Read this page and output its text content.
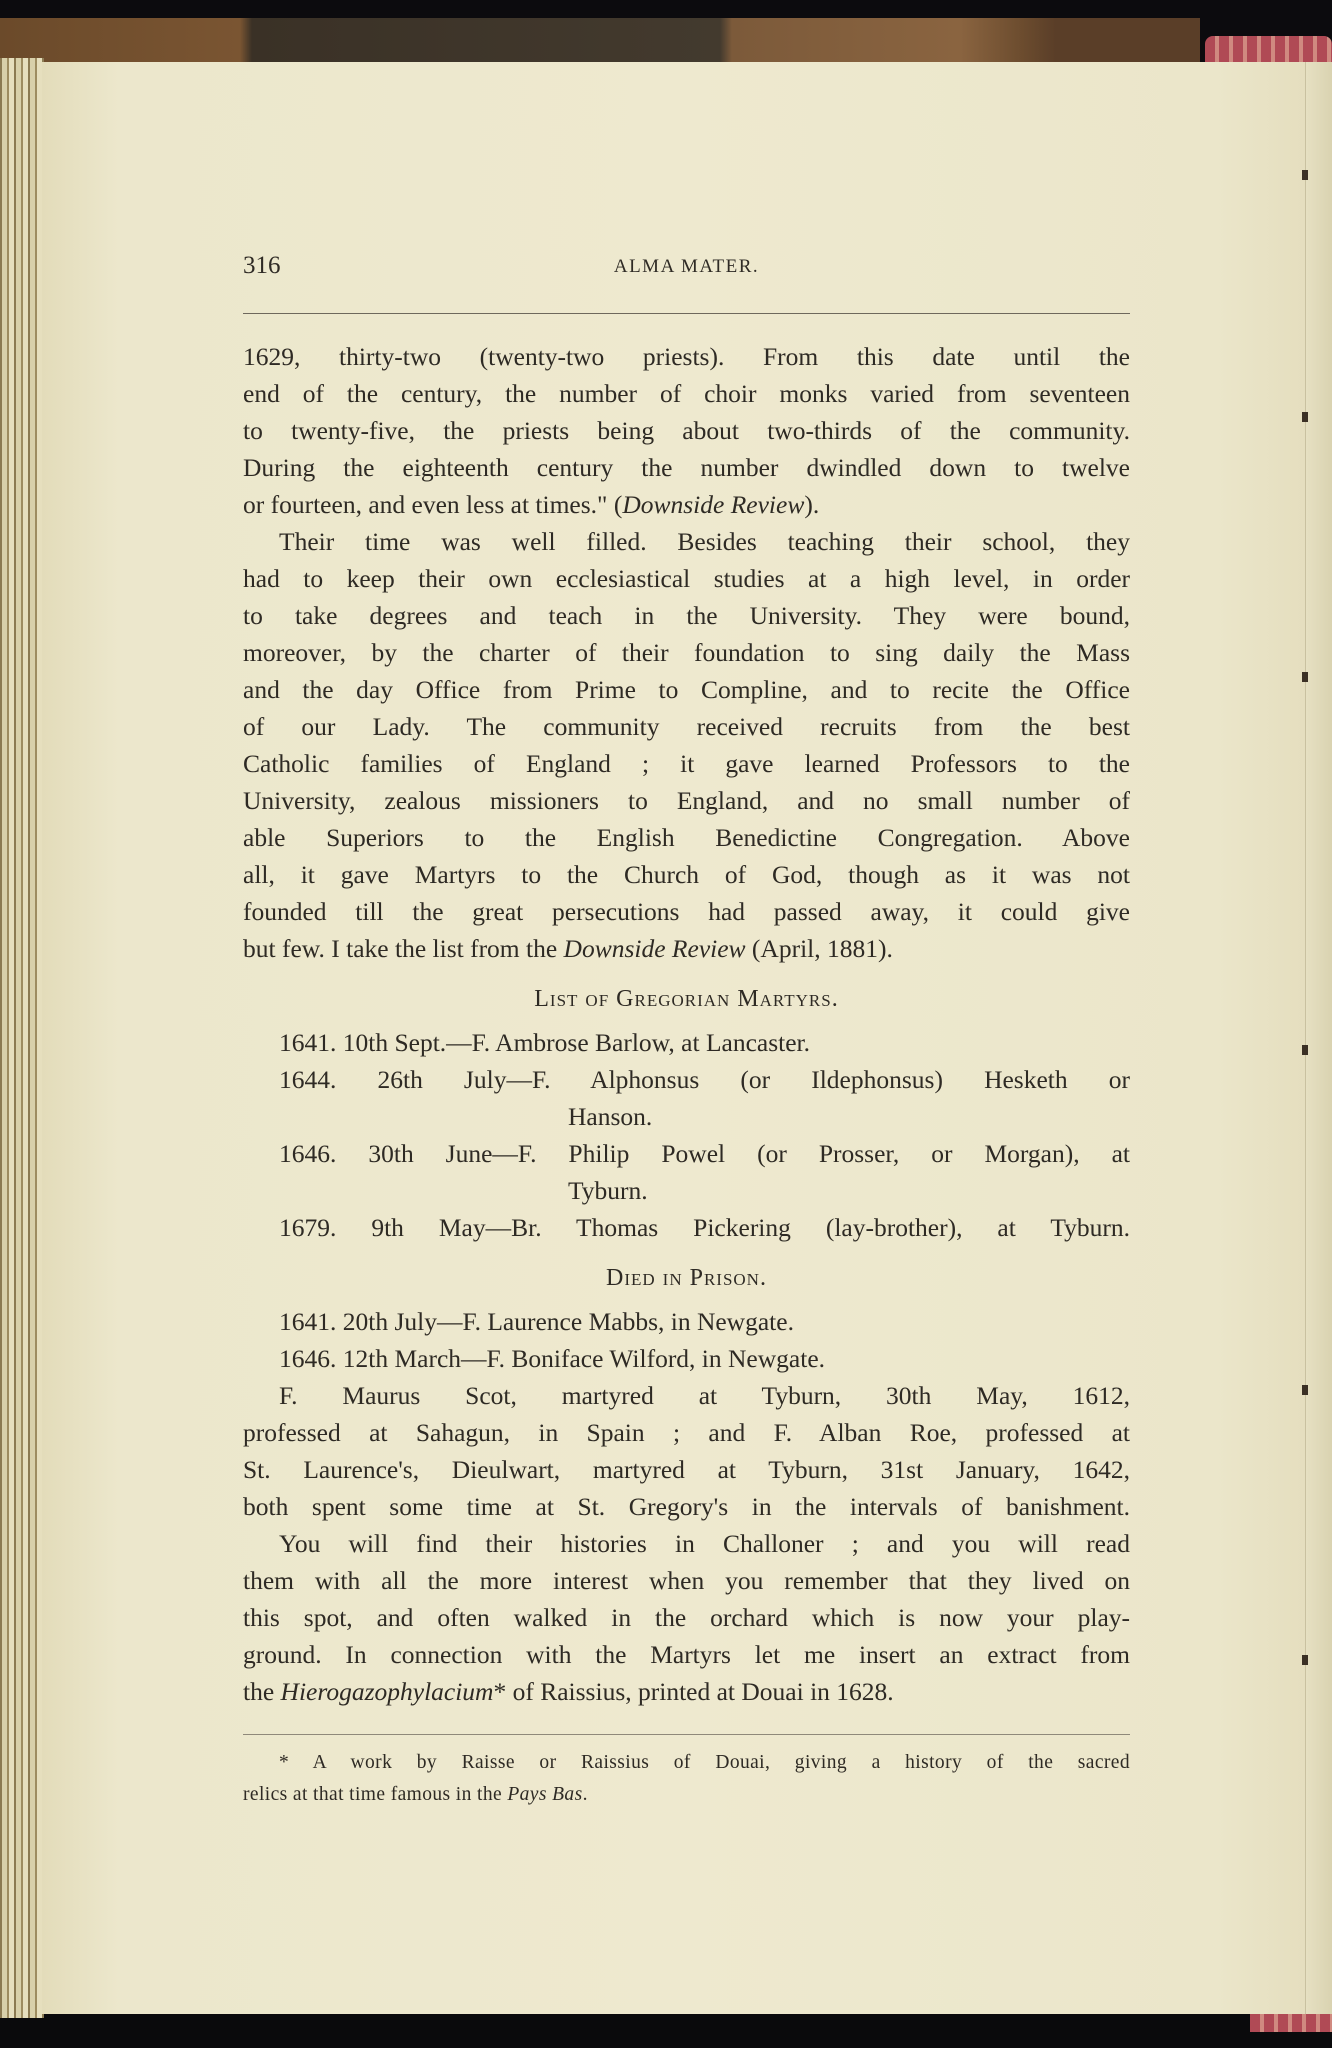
316	ALMA MATER.
1629, thirty-two (twenty-two priests). From this date until the
end of the century, the number of choir monks varied from seventeen
to twenty-five, the priests being about two-thirds of the community.
During the eighteenth century the number dwindled down to twelve
or fourteen, and even less at times." (Downside Review).
Their time was well filled. Besides teaching their school, they
had to keep their own ecclesiastical studies at a high level, in order
to take degrees and teach in the University. They were bound,
moreover, by the charter of their foundation to sing daily the Mass
and the day Office from Prime to Compline, and to recite the Office
of our Lady. The community received recruits from the best
Catholic families of England ; it gave learned Professors to the
University, zealous missioners to England, and no small number of
able Superiors to the English Benedictine Congregation. Above
all, it gave Martyrs to the Church of God, though as it was not
founded till the great persecutions had passed away, it could give
but few. I take the list from the Downside Review (April, 1881).
List of Gregorian Martyrs.
1641. 10th Sept.—F. Ambrose Barlow, at Lancaster.
1644. 26th July—F. Alphonsus (or Ildephonsus) Hesketh or
Hanson.
1646. 30th June—F. Philip Powel (or Prosser, or Morgan), at
Tyburn.
1679. 9th May—Br. Thomas Pickering (lay-brother), at Tyburn.
Died in Prison.
1641. 20th July—F. Laurence Mabbs, in Newgate.
1646. 12th March—F. Boniface Wilford, in Newgate.
F. Maurus Scot, martyred at Tyburn, 30th May, 1612,
professed at Sahagun, in Spain ; and F. Alban Roe, professed at
St. Laurence's, Dieulwart, martyred at Tyburn, 31st January, 1642,
both spent some time at St. Gregory's in the intervals of banishment.
You will find their histories in Challoner ; and you will read
them with all the more interest when you remember that they lived on
this spot, and often walked in the orchard which is now your play-
ground. In connection with the Martyrs let me insert an extract from
the Hierogazophylacium* of Raissius, printed at Douai in 1628.
* A work by Raisse or Raissius of Douai, giving a history of the sacred
relics at that time famous in the Pays Bas.
